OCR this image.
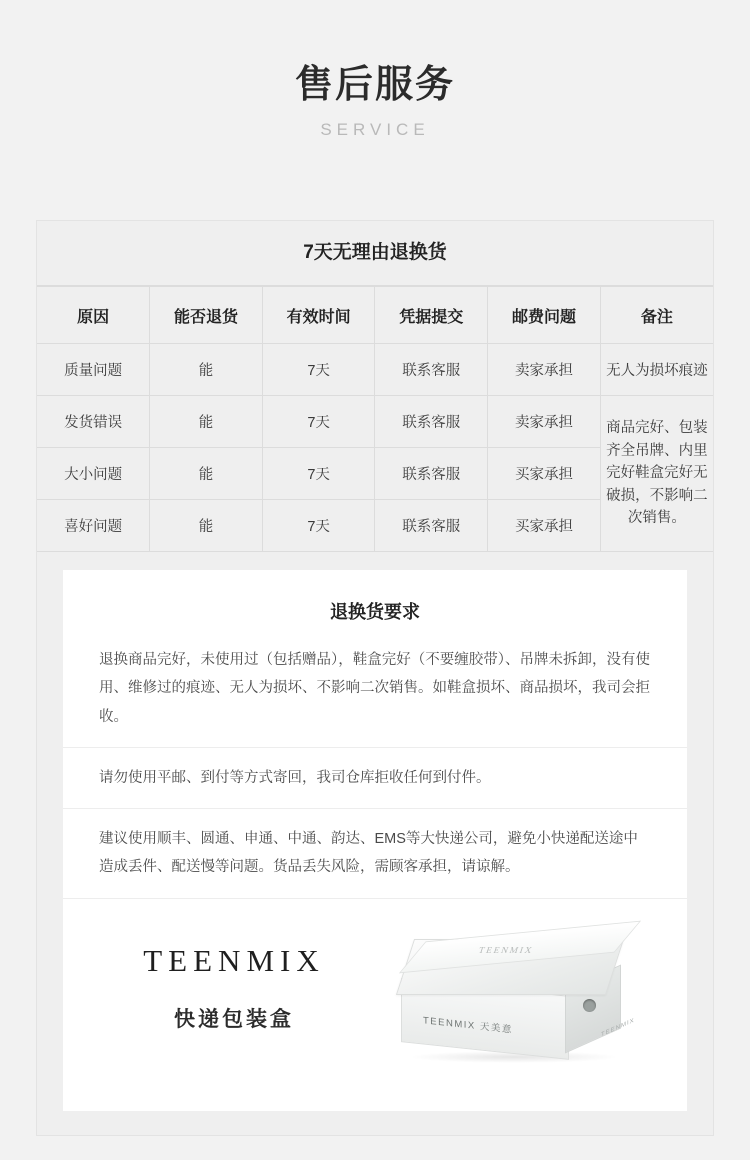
售后服务
SERVICE
7天无理由退换货
原因	能否退货	有效时间	凭据提交	邮费问题	备注
质量问题	能	7天	联系客服	卖家承担	无人为损坏痕迹
发货错误	能	7天	联系客服	卖家承担	商品完好、包装齐全吊牌、内里完好鞋盒完好无破损，不影响二次销售。
大小问题	能	7天	联系客服	买家承担	
喜好问题	能	7天	联系客服	买家承担	
退换货要求
退换商品完好，未使用过（包括赠品），鞋盒完好（不要缠胶带）、吊牌未拆卸，没有使用、维修过的痕迹、无人为损坏、不影响二次销售。如鞋盒损坏、商品损坏，我司会拒收。
请勿使用平邮、到付等方式寄回，我司仓库拒收任何到付件。
建议使用顺丰、圆通、申通、中通、韵达、EMS等大快递公司，避免小快递配送途中造成丢件、配送慢等问题。货品丢失风险，需顾客承担，请谅解。
TEENMIX
快递包装盒
TEENMIX
TEENMIX 天美意	TEENMIX
